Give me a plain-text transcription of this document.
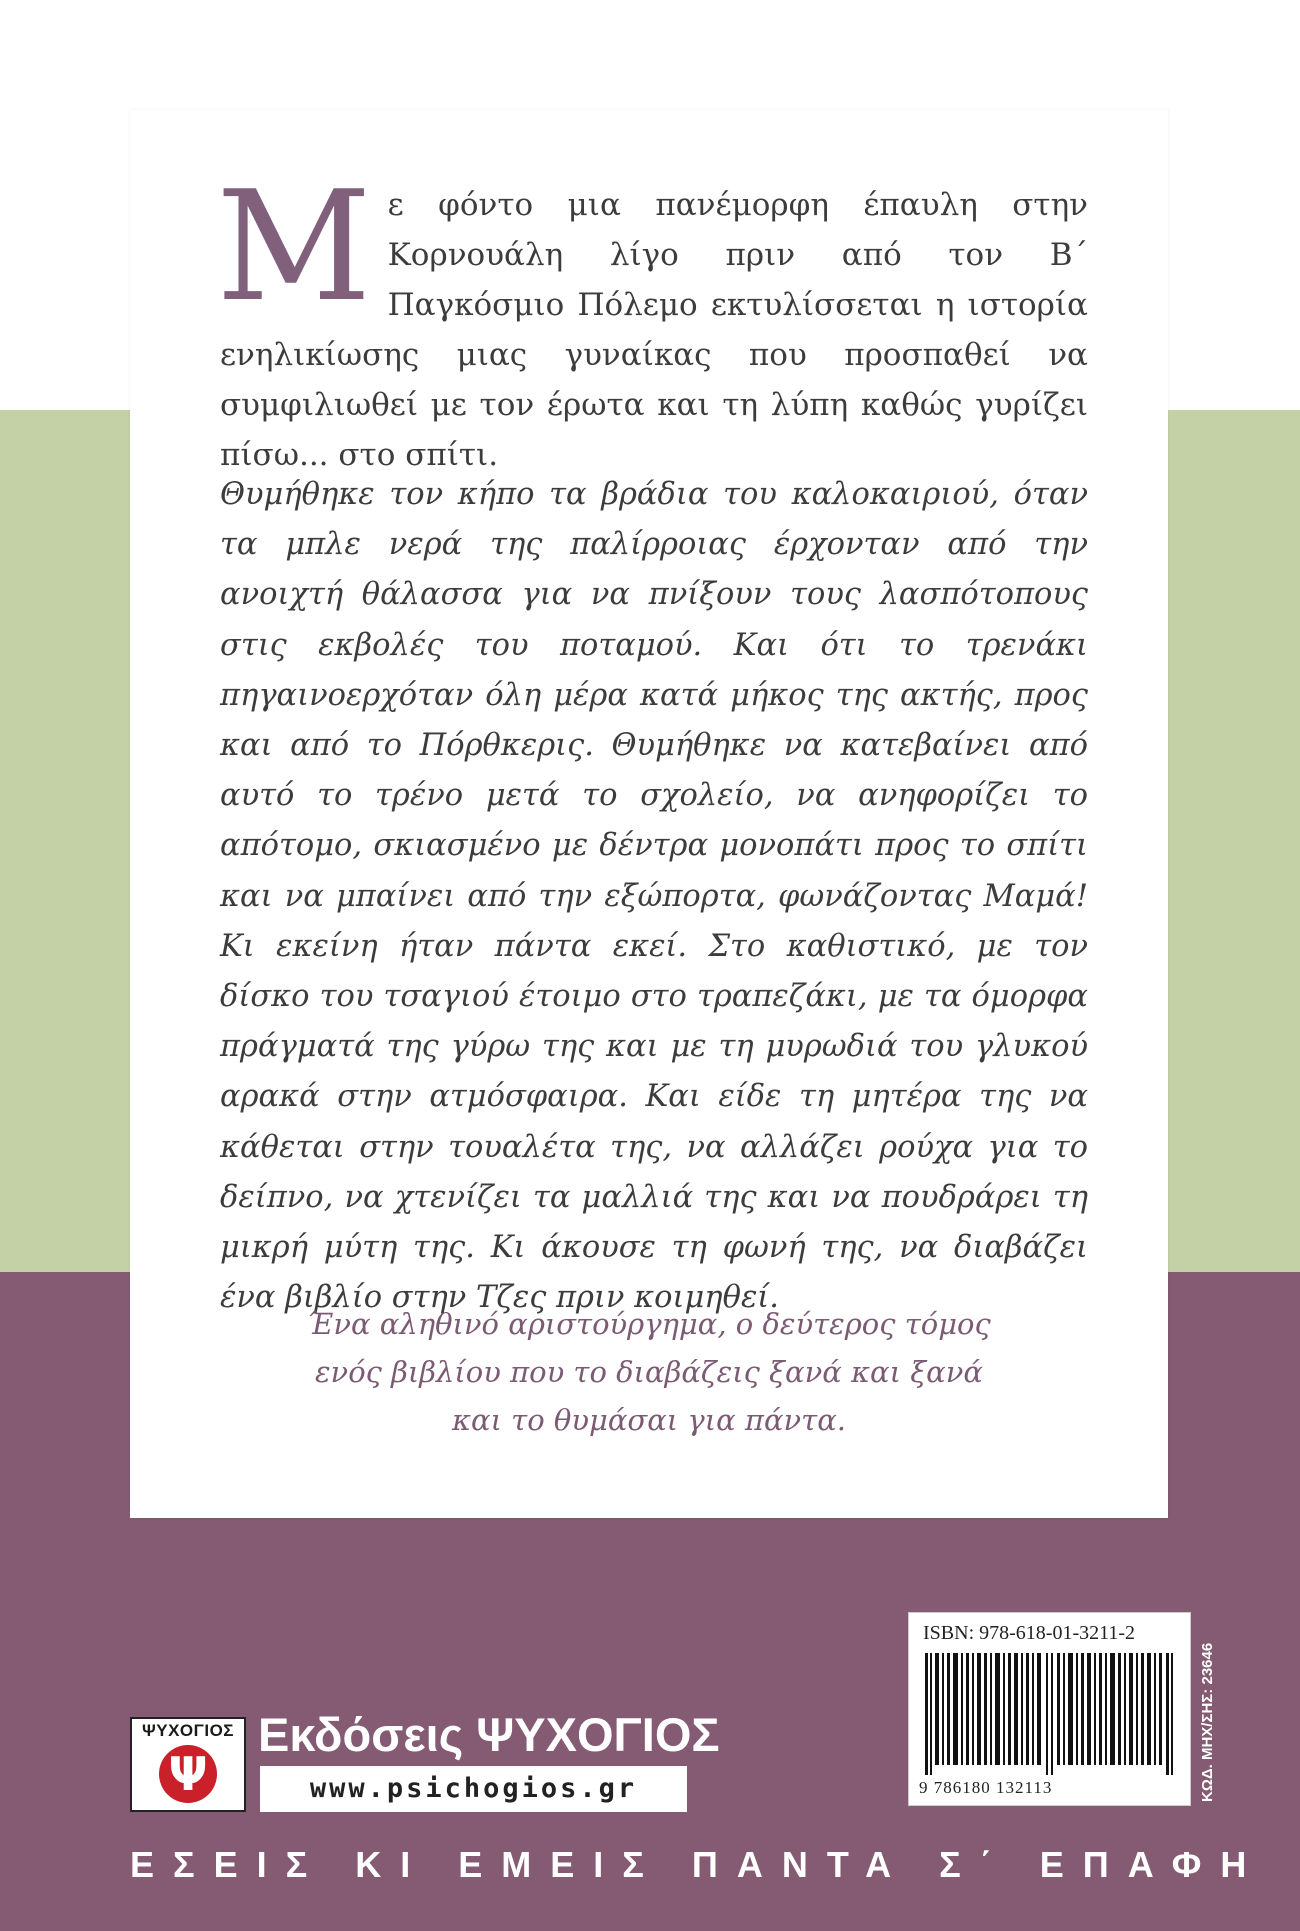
Με φόντο μια πανέμορφη έπαυλη στην Κορνουάλη λίγο πριν από τον Β΄ Παγκόσμιο Πόλεμο εκτυλίσσεται η ιστορία ενηλικίωσης μιας γυναίκας που προσπαθεί να συμφιλιωθεί με τον έρωτα και τη λύπη καθώς γυρίζει πίσω... στο σπίτι.

Θυμήθηκε τον κήπο τα βράδια του καλοκαιριού, όταν τα μπλε νερά της παλίρροιας έρχονταν από την ανοιχτή θάλασσα για να πνίξουν τους λασπότοπους στις εκβολές του ποταμού. Και ότι το τρενάκι πηγαινοερχόταν όλη μέρα κατά μήκος της ακτής, προς και από το Πόρθκερις. Θυμήθηκε να κατεβαίνει από αυτό το τρένο μετά το σχολείο, να ανηφορίζει το απότομο, σκιασμένο με δέντρα μονοπάτι προς το σπίτι και να μπαίνει από την εξώπορτα, φωνάζοντας Μαμά! Κι εκείνη ήταν πάντα εκεί. Στο καθιστικό, με τον δίσκο του τσαγιού έτοιμο στο τραπεζάκι, με τα όμορφα πράγματά της γύρω της και με τη μυρωδιά του γλυκού αρακά στην ατμόσφαιρα. Και είδε τη μητέρα της να κάθεται στην τουαλέτα της, να αλλάζει ρούχα για το δείπνο, να χτενίζει τα μαλλιά της και να πουδράρει τη μικρή μύτη της. Κι άκουσε τη φωνή της, να διαβάζει ένα βιβλίο στην Τζες πριν κοιμηθεί.

Ένα αληθινό αριστούργημα, ο δεύτερος τόμος
ενός βιβλίου που το διαβάζεις ξανά και ξανά
και το θυμάσαι για πάντα.
ΨΥΧΟΓΙΟΣ
Ψ
Εκδόσεις ΨΥΧΟΓΙΟΣ
www.psichogios.gr
ΕΣΕΙΣ ΚΙ ΕΜΕΙΣ ΠΑΝΤΑ Σ΄ ΕΠΑΦΗ
ISBN: 978-618-01-3211-2
9 786180 132113	ΚΩΔ. ΜΗΧ/ΣΗΣ: 23646
